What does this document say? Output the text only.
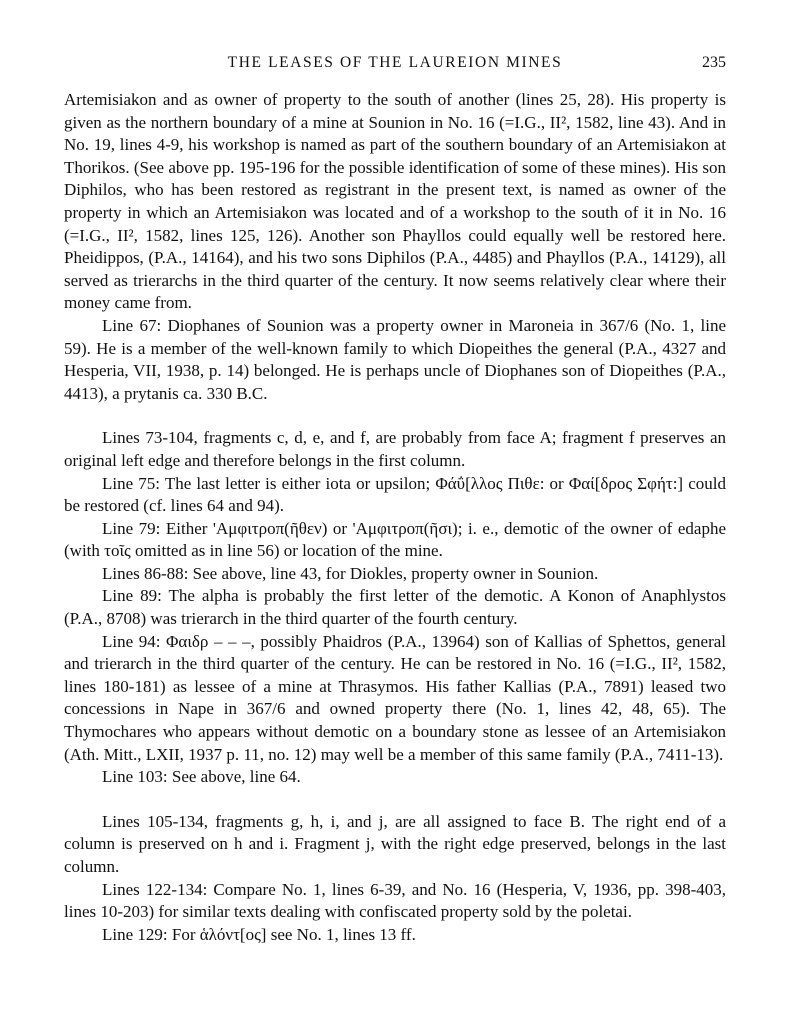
THE LEASES OF THE LAUREION MINES	235

Artemisiakon and as owner of property to the south of another (lines 25, 28). His property is given as the northern boundary of a mine at Sounion in No. 16 (=I.G., II², 1582, line 43). And in No. 19, lines 4-9, his workshop is named as part of the southern boundary of an Artemisiakon at Thorikos. (See above pp. 195-196 for the possible identification of some of these mines). His son Diphilos, who has been restored as registrant in the present text, is named as owner of the property in which an Artemisiakon was located and of a workshop to the south of it in No. 16 (=I.G., II², 1582, lines 125, 126). Another son Phayllos could equally well be restored here. Pheidippos, (P.A., 14164), and his two sons Diphilos (P.A., 4485) and Phayllos (P.A., 14129), all served as trierarchs in the third quarter of the century. It now seems relatively clear where their money came from.

Line 67: Diophanes of Sounion was a property owner in Maroneia in 367/6 (No. 1, line 59). He is a member of the well-known family to which Diopeithes the general (P.A., 4327 and Hesperia, VII, 1938, p. 14) belonged. He is perhaps uncle of Diophanes son of Diopeithes (P.A., 4413), a prytanis ca. 330 B.C.

Lines 73-104, fragments c, d, e, and f, are probably from face A; fragment f preserves an original left edge and therefore belongs in the first column.

Line 75: The last letter is either iota or upsilon; Φάΰ[λλος Πιθε: or Φαί[δρος Σφήτ:] could be restored (cf. lines 64 and 94).

Line 79: Either 'Αμφιτροπ(ῆθεν) or 'Αμφιτροπ(ῆσι); i. e., demotic of the owner of edaphe (with τοῖς omitted as in line 56) or location of the mine.

Lines 86-88: See above, line 43, for Diokles, property owner in Sounion.

Line 89: The alpha is probably the first letter of the demotic. A Konon of Anaphlystos (P.A., 8708) was trierarch in the third quarter of the fourth century.

Line 94: Φαιδρ – – –, possibly Phaidros (P.A., 13964) son of Kallias of Sphettos, general and trierarch in the third quarter of the century. He can be restored in No. 16 (=I.G., II², 1582, lines 180-181) as lessee of a mine at Thrasymos. His father Kallias (P.A., 7891) leased two concessions in Nape in 367/6 and owned property there (No. 1, lines 42, 48, 65). The Thymochares who appears without demotic on a boundary stone as lessee of an Artemisiakon (Ath. Mitt., LXII, 1937 p. 11, no. 12) may well be a member of this same family (P.A., 7411-13).

Line 103: See above, line 64.

Lines 105-134, fragments g, h, i, and j, are all assigned to face B. The right end of a column is preserved on h and i. Fragment j, with the right edge preserved, belongs in the last column.

Lines 122-134: Compare No. 1, lines 6-39, and No. 16 (Hesperia, V, 1936, pp. 398-403, lines 10-203) for similar texts dealing with confiscated property sold by the poletai.

Line 129: For ἁλόντ[ος] see No. 1, lines 13 ff.
